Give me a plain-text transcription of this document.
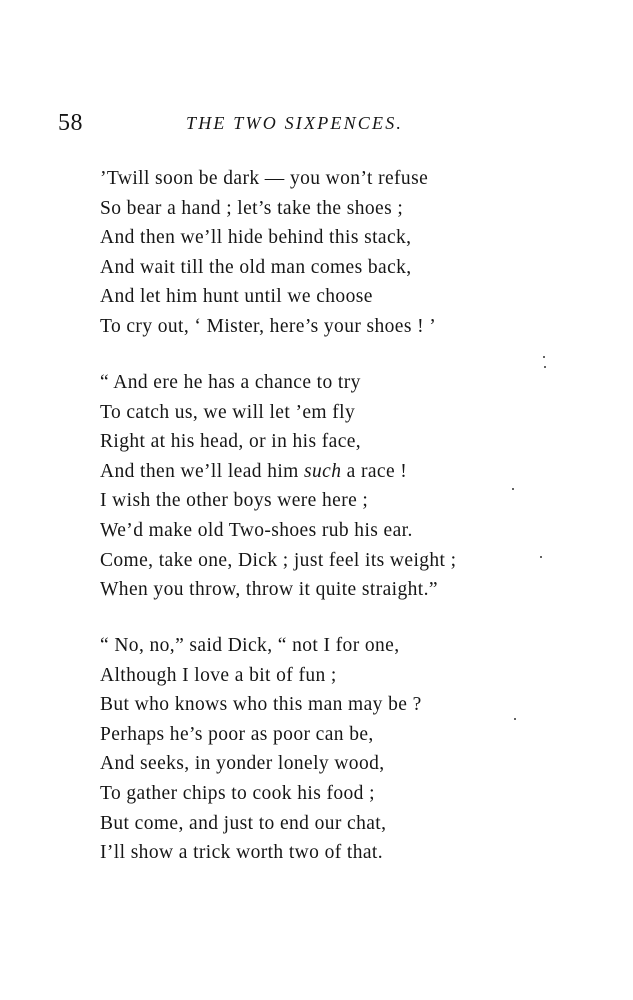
58	THE TWO SIXPENCES.
’Twill soon be dark — you won’t refuse
So bear a hand ; let’s take the shoes ;
And then we’ll hide behind this stack,
And wait till the old man comes back,
And let him hunt until we choose
To cry out, ‘ Mister, here’s your shoes ! ’
“ And ere he has a chance to try
To catch us, we will let ’em fly
Right at his head, or in his face,
And then we’ll lead him such a race !
I wish the other boys were here ;
We’d make old Two-shoes rub his ear.
Come, take one, Dick ; just feel its weight ;
When you throw, throw it quite straight.”
“ No, no,” said Dick, “ not I for one,
Although I love a bit of fun ;
But who knows who this man may be ?
Perhaps he’s poor as poor can be,
And seeks, in yonder lonely wood,
To gather chips to cook his food ;
But come, and just to end our chat,
I’ll show a trick worth two of that.
